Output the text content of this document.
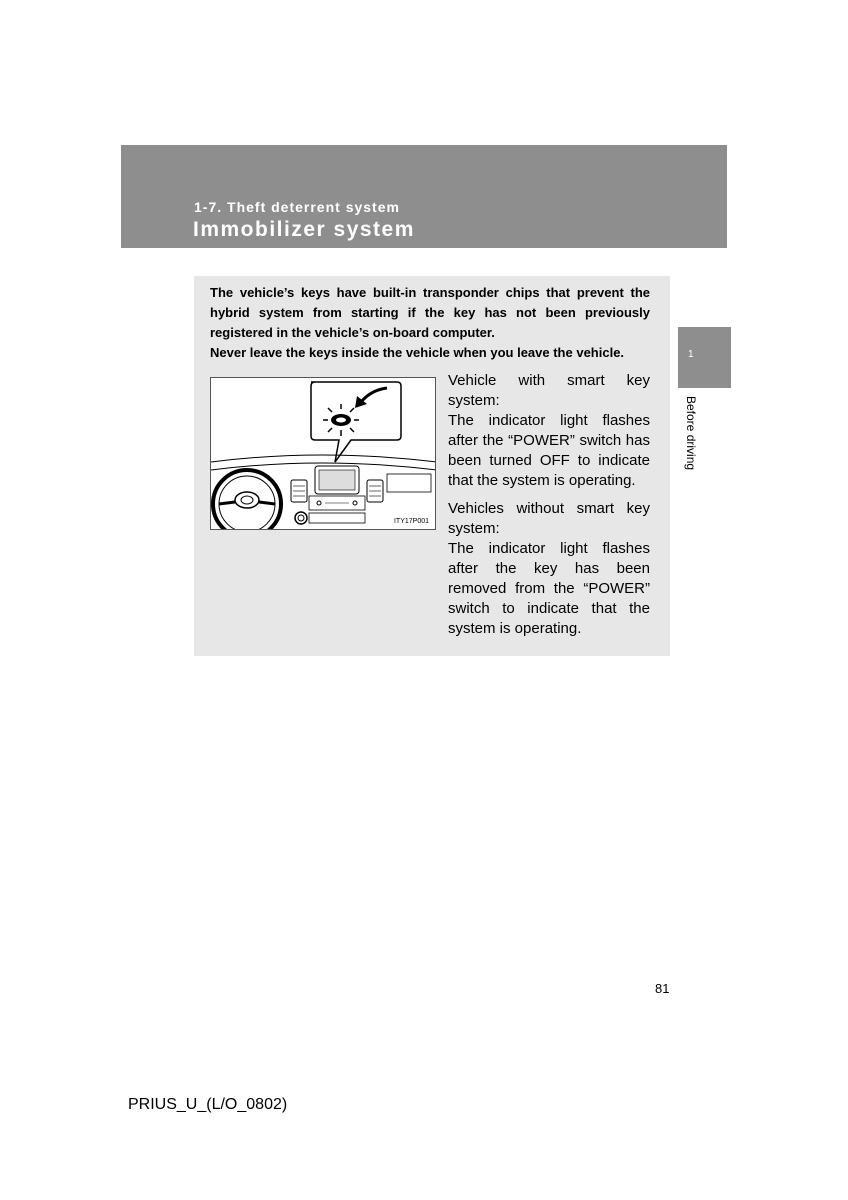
1-7. Theft deterrent system
Immobilizer system
1
Before driving

The vehicle’s keys have built-in transponder chips that prevent the hybrid system from starting if the key has not been previously registered in the vehicle’s on-board computer.

Never leave the keys inside the vehicle when you leave the vehicle.

ITY17P001

Vehicle with smart key system:
The indicator light flashes after the “POWER” switch has been turned OFF to indicate that the system is operating.

Vehicles without smart key system:
The indicator light flashes after the key has been removed from the “POWER” switch to indicate that the system is operating.

81
PRIUS_U_(L/O_0802)
